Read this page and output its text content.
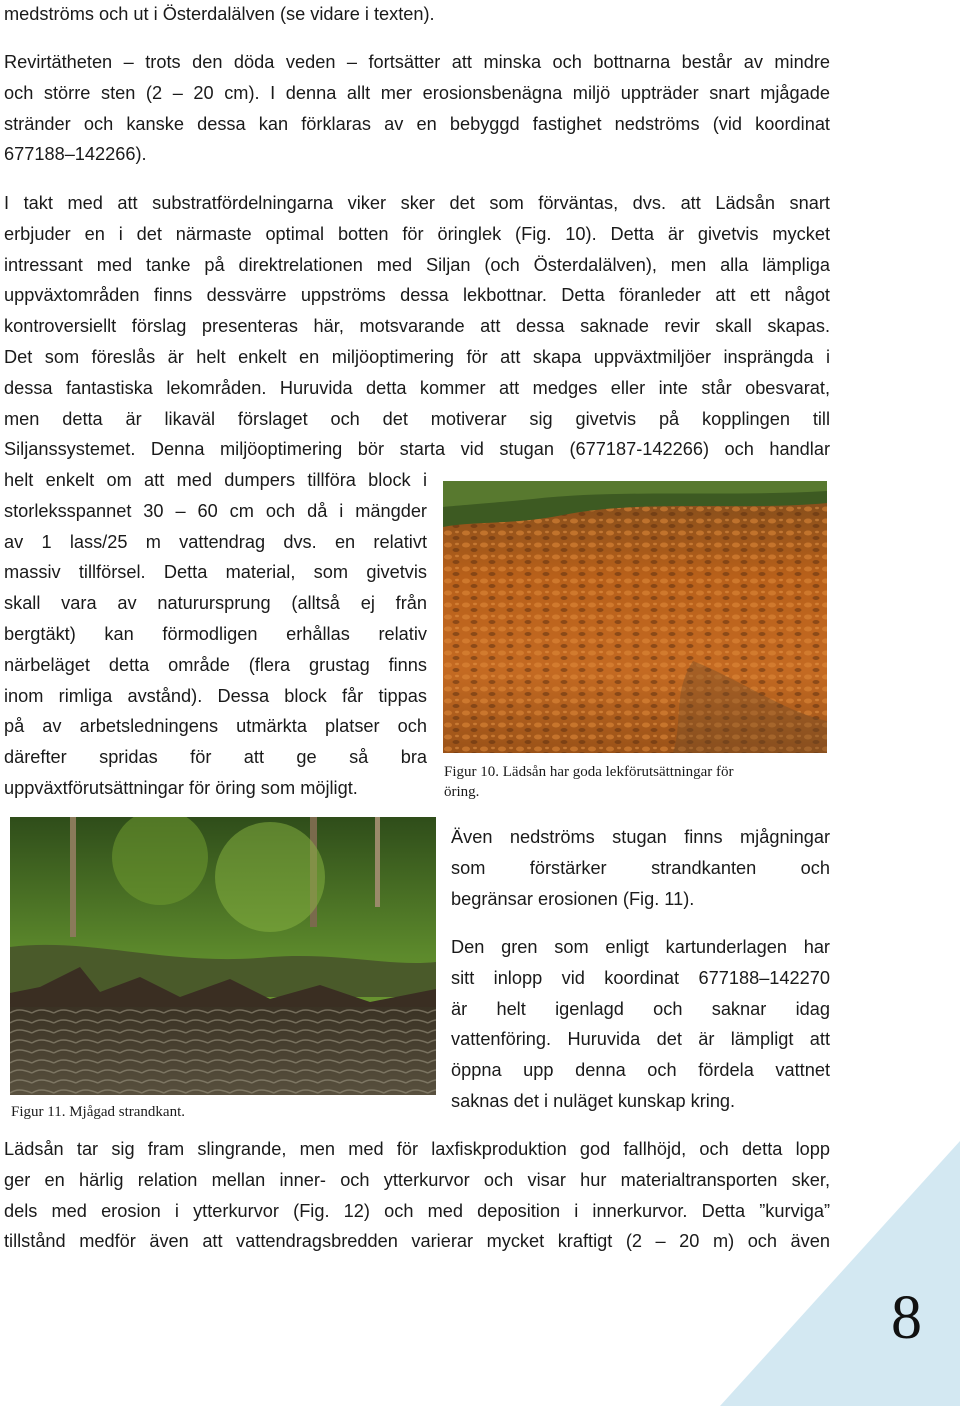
medströms och ut i Österdalälven (se vidare i texten).
Revirtätheten – trots den döda veden – fortsätter att minska och bottnarna består av mindre
och större sten (2 – 20 cm). I denna allt mer erosionsbenägna miljö uppträder snart mjågade
stränder och kanske dessa kan förklaras av en bebyggd fastighet nedströms (vid koordinat
677188–142266).
I takt med att substratfördelningarna viker sker det som förväntas, dvs. att Lädsån snart
erbjuder en i det närmaste optimal botten för öringlek (Fig. 10). Detta är givetvis mycket
intressant med tanke på direktrelationen med Siljan (och Österdalälven), men alla lämpliga
uppväxtområden finns dessvärre uppströms dessa lekbottnar. Detta föranleder att ett något
kontroversiellt förslag presenteras här, motsvarande att dessa saknade revir skall skapas.
Det som föreslås är helt enkelt en miljöoptimering för att skapa uppväxtmiljöer insprängda i
dessa fantastiska lekområden. Huruvida detta kommer att medges eller inte står obesvarat,
men detta är likaväl förslaget och det motiverar sig givetvis på kopplingen till
Siljanssystemet. Denna miljöoptimering bör starta vid stugan (677187-142266) och handlar
helt enkelt om att med dumpers tillföra block i
storleksspannet 30 – 60 cm och då i mängder
av 1 lass/25 m vattendrag dvs. en relativt
massiv tillförsel. Detta material, som givetvis
skall vara av naturursprung (alltså ej från
bergtäkt) kan förmodligen erhållas relativ
närbeläget detta område (flera grustag finns
inom rimliga avstånd). Dessa block får tippas
på av arbetsledningens utmärkta platser och
därefter spridas för att ge så bra
uppväxtförutsättningar för öring som möjligt.
Figur 10. Lädsån har goda lekförutsättningar för
öring.
Figur 11. Mjågad strandkant.
Även nedströms stugan finns mjågningar
som förstärker strandkanten och
begränsar erosionen (Fig. 11).
Den gren som enligt kartunderlagen har
sitt inlopp vid koordinat 677188–142270
är helt igenlagd och saknar idag
vattenföring. Huruvida det är lämpligt att
öppna upp denna och fördela vattnet
saknas det i nuläget kunskap kring.
Lädsån tar sig fram slingrande, men med för laxfiskproduktion god fallhöjd, och detta lopp
ger en härlig relation mellan inner- och ytterkurvor och visar hur materialtransporten sker,
dels med erosion i ytterkurvor (Fig. 12) och med deposition i innerkurvor. Detta ”kurviga”
tillstånd medför även att vattendragsbredden varierar mycket kraftigt (2 – 20 m) och även
8
